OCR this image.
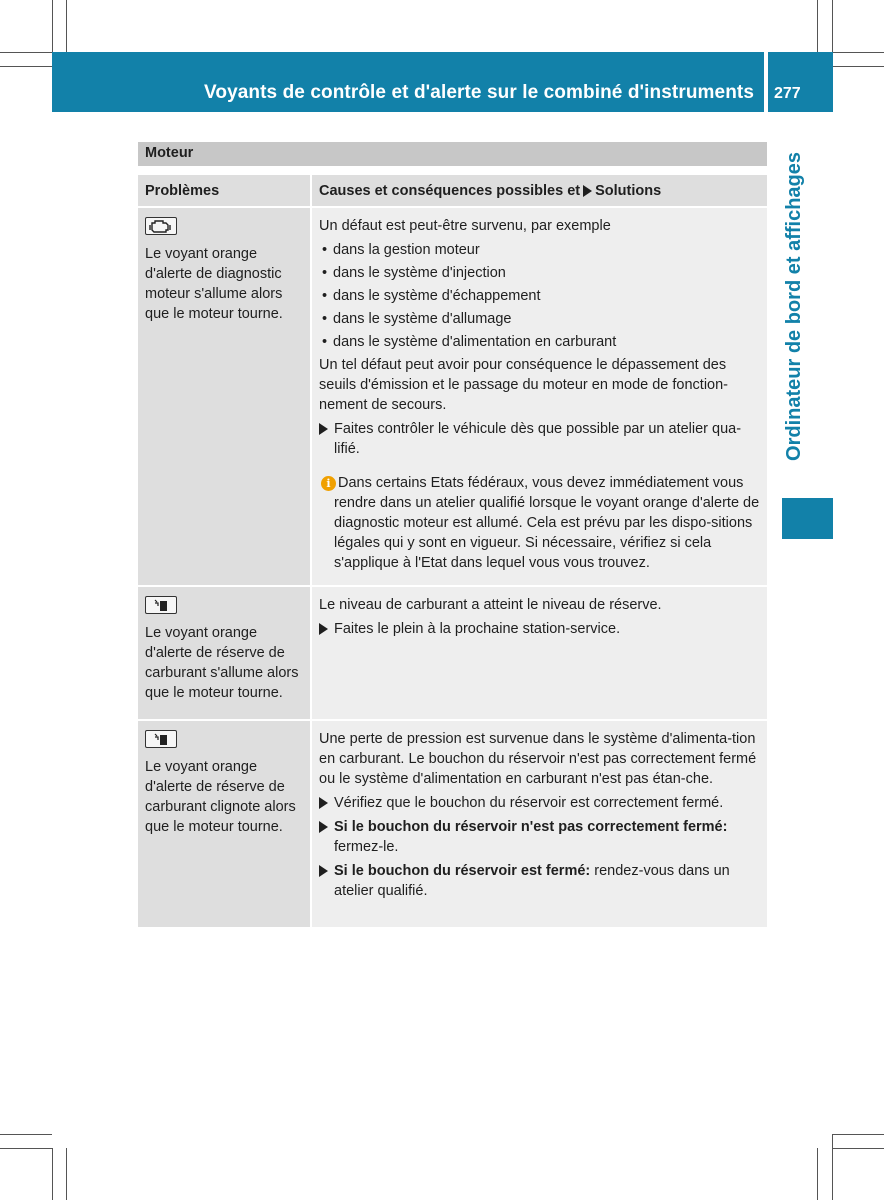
Voyants de contrôle et d'alerte sur le combiné d'instruments 277
Ordinateur de bord et affichages
Moteur
Problèmes	Causes et conséquences possibles et Solutions
Le voyant orange d'alerte de diagnostic moteur s'allume alors que le moteur tourne.
Un défaut est peut-être survenu, par exemple
• dans la gestion moteur
• dans le système d'injection
• dans le système d'échappement
• dans le système d'allumage
• dans le système d'alimentation en carburant
Un tel défaut peut avoir pour conséquence le dépassement des seuils d'émission et le passage du moteur en mode de fonction-nement de secours.
Faites contrôler le véhicule dès que possible par un atelier qua-lifié.
i Dans certains Etats fédéraux, vous devez immédiatement vous rendre dans un atelier qualifié lorsque le voyant orange d'alerte de diagnostic moteur est allumé. Cela est prévu par les dispo-sitions légales qui y sont en vigueur. Si nécessaire, vérifiez si cela s'applique à l'Etat dans lequel vous vous trouvez.
Le voyant orange d'alerte de réserve de carburant s'allume alors que le moteur tourne.
Le niveau de carburant a atteint le niveau de réserve.
Faites le plein à la prochaine station-service.
Le voyant orange d'alerte de réserve de carburant clignote alors que le moteur tourne.
Une perte de pression est survenue dans le système d'alimenta-tion en carburant. Le bouchon du réservoir n'est pas correctement fermé ou le système d'alimentation en carburant n'est pas étan-che.
Vérifiez que le bouchon du réservoir est correctement fermé.
Si le bouchon du réservoir n'est pas correctement fermé: fermez-le.
Si le bouchon du réservoir est fermé: rendez-vous dans un atelier qualifié.
